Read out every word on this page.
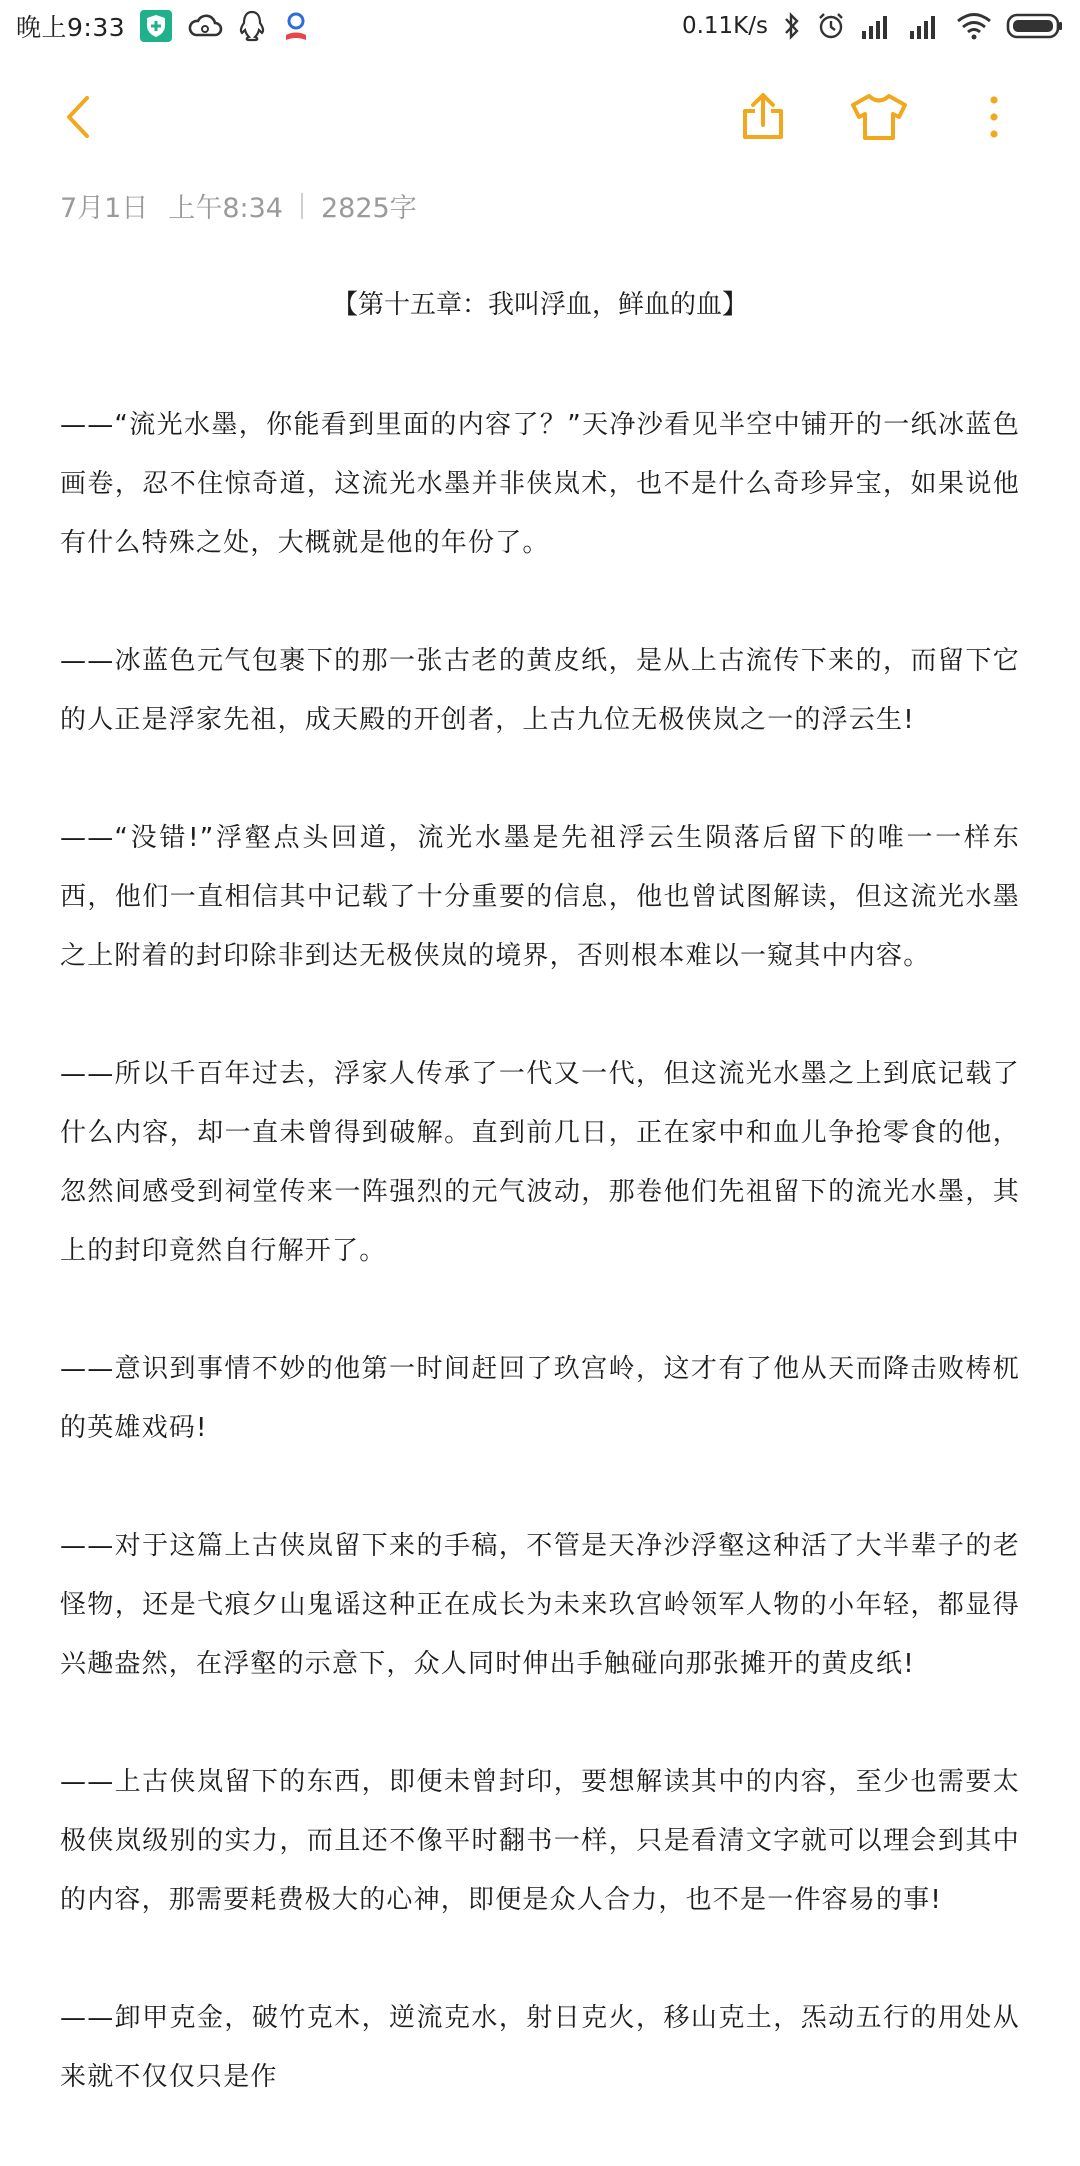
晚上9:33	0.11K/s
7月1日 上午8:34 2825字
【第十五章：我叫浮血，鲜血的血】

——“流光水墨，你能看到里面的内容了？”天净沙看见半空中铺开的一纸冰蓝色画卷，忍不住惊奇道，这流光水墨并非侠岚术，也不是什么奇珍异宝，如果说他有什么特殊之处，大概就是他的年份了。

——冰蓝色元气包裹下的那一张古老的黄皮纸，是从上古流传下来的，而留下它的人正是浮家先祖，成天殿的开创者，上古九位无极侠岚之一的浮云生!

——“没错!”浮壑点头回道，流光水墨是先祖浮云生陨落后留下的唯一一样东西，他们一直相信其中记载了十分重要的信息，他也曾试图解读，但这流光水墨之上附着的封印除非到达无极侠岚的境界，否则根本难以一窥其中内容。

——所以千百年过去，浮家人传承了一代又一代，但这流光水墨之上到底记载了什么内容，却一直未曾得到破解。直到前几日，正在家中和血儿争抢零食的他，忽然间感受到祠堂传来一阵强烈的元气波动，那卷他们先祖留下的流光水墨，其上的封印竟然自行解开了。

——意识到事情不妙的他第一时间赶回了玖宫岭，这才有了他从天而降击败梼杌的英雄戏码!

——对于这篇上古侠岚留下来的手稿，不管是天净沙浮壑这种活了大半辈子的老怪物，还是弋痕夕山鬼谣这种正在成长为未来玖宫岭领军人物的小年轻，都显得兴趣盎然，在浮壑的示意下，众人同时伸出手触碰向那张摊开的黄皮纸!

——上古侠岚留下的东西，即便未曾封印，要想解读其中的内容，至少也需要太极侠岚级别的实力，而且还不像平时翻书一样，只是看清文字就可以理会到其中的内容，那需要耗费极大的心神，即便是众人合力，也不是一件容易的事!

——卸甲克金，破竹克木，逆流克水，射日克火，移山克土，炁动五行的用处从来就不仅仅只是作
